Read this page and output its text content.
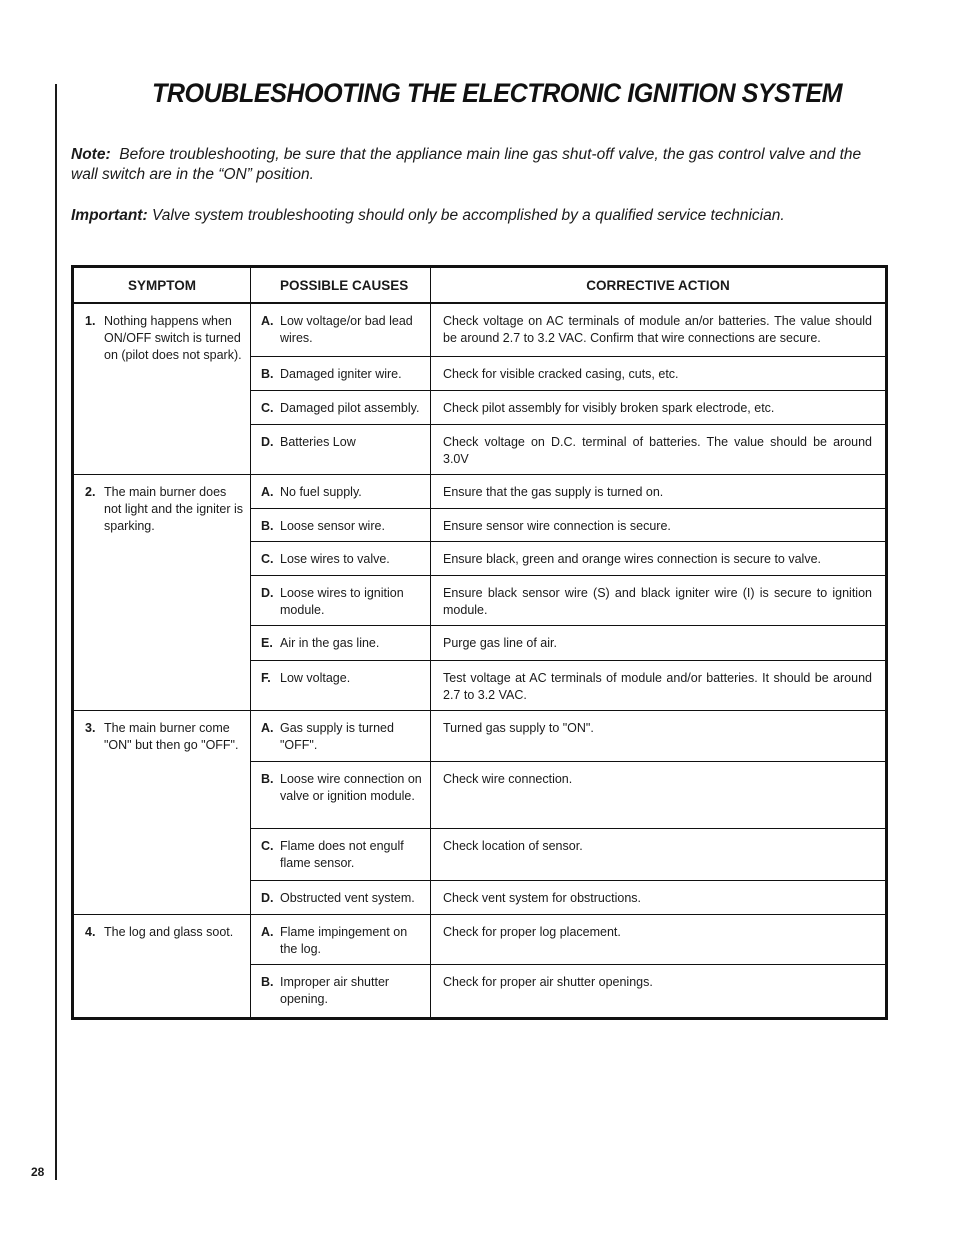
28
TROUBLESHOOTING THE ELECTRONIC IGNITION SYSTEM

Note: Before troubleshooting, be sure that the appliance main line gas shut-off valve, the gas control valve and the wall switch are in the “ON” position.

Important: Valve system troubleshooting should only be accomplished by a qualified service technician.

SYMPTOM	POSSIBLE CAUSES	CORRECTIVE ACTION

1. Nothing happens when ON/OFF switch is turned on (pilot does not spark).	A. Low voltage/or bad lead wires.	Check voltage on AC terminals of module an/or batteries. The value should be around 2.7 to 3.2 VAC. Confirm that wire connections are secure.

	B. Damaged igniter wire.	Check for visible cracked casing, cuts, etc.

	C. Damaged pilot assembly.	Check pilot assembly for visibly broken spark electrode, etc.

	D. Batteries Low	Check voltage on D.C. terminal of batteries. The value should be around 3.0V

2. The main burner does not light and the igniter is sparking.	A. No fuel supply.	Ensure that the gas supply is turned on.

	B. Loose sensor wire.	Ensure sensor wire connection is secure.

	C. Lose wires to valve.	Ensure black, green and orange wires connection is secure to valve.

	D. Loose wires to ignition module.	Ensure black sensor wire (S) and black igniter wire (I) is secure to ignition module.

	E. Air in the gas line.	Purge gas line of air.

	F. Low voltage.	Test voltage at AC terminals of module and/or batteries. It should be around 2.7 to 3.2 VAC.

3. The main burner come "ON" but then go "OFF".	A. Gas supply is turned "OFF".	Turned gas supply to "ON".

	B. Loose wire connection on valve or ignition module.	Check wire connection.

	C. Flame does not engulf flame sensor.	Check location of sensor.

	D. Obstructed vent system.	Check vent system for obstructions.

4. The log and glass soot.	A. Flame impingement on the log.	Check for proper log placement.

	B. Improper air shutter opening.	Check for proper air shutter openings.
